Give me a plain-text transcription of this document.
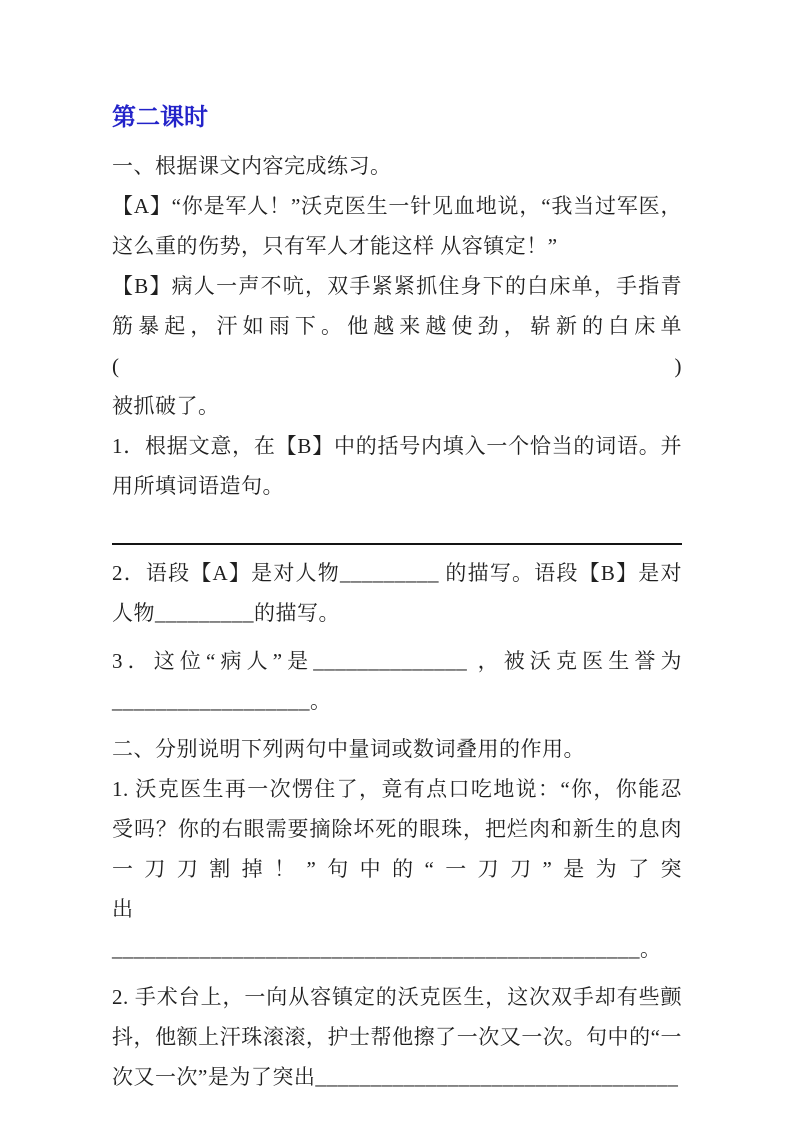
第二课时
一、根据课文内容完成练习。
【A】“你是军人！”沃克医生一针见血地说，“我当过军医，
这么重的伤势，只有军人才能这样 从容镇定！”
【B】病人一声不吭，双手紧紧抓住身下的白床单，手指青
筋暴起，汗如雨下。他越来越使劲，崭新的白床单(　　　　　)
被抓破了。
1．根据文意，在【B】中的括号内填入一个恰当的词语。并
用所填词语造句。
2．语段【A】是对人物_________ 的描写。语段【B】是对
人物_________的描写。
3．这位“病人”是______________ ，被沃克医生誉为
__________________。
二、分别说明下列两句中量词或数词叠用的作用。
1. 沃克医生再一次愣住了，竟有点口吃地说：“你，你能忍
受吗？你的右眼需要摘除坏死的眼珠，把烂肉和新生的息肉
一刀刀割掉！”句中的“一刀刀”是为了突
出________________________________________________。
2. 手术台上，一向从容镇定的沃克医生，这次双手却有些颤
抖，他额上汗珠滚滚，护士帮他擦了一次又一次。句中的“一
次又一次”是为了突出_________________________________
